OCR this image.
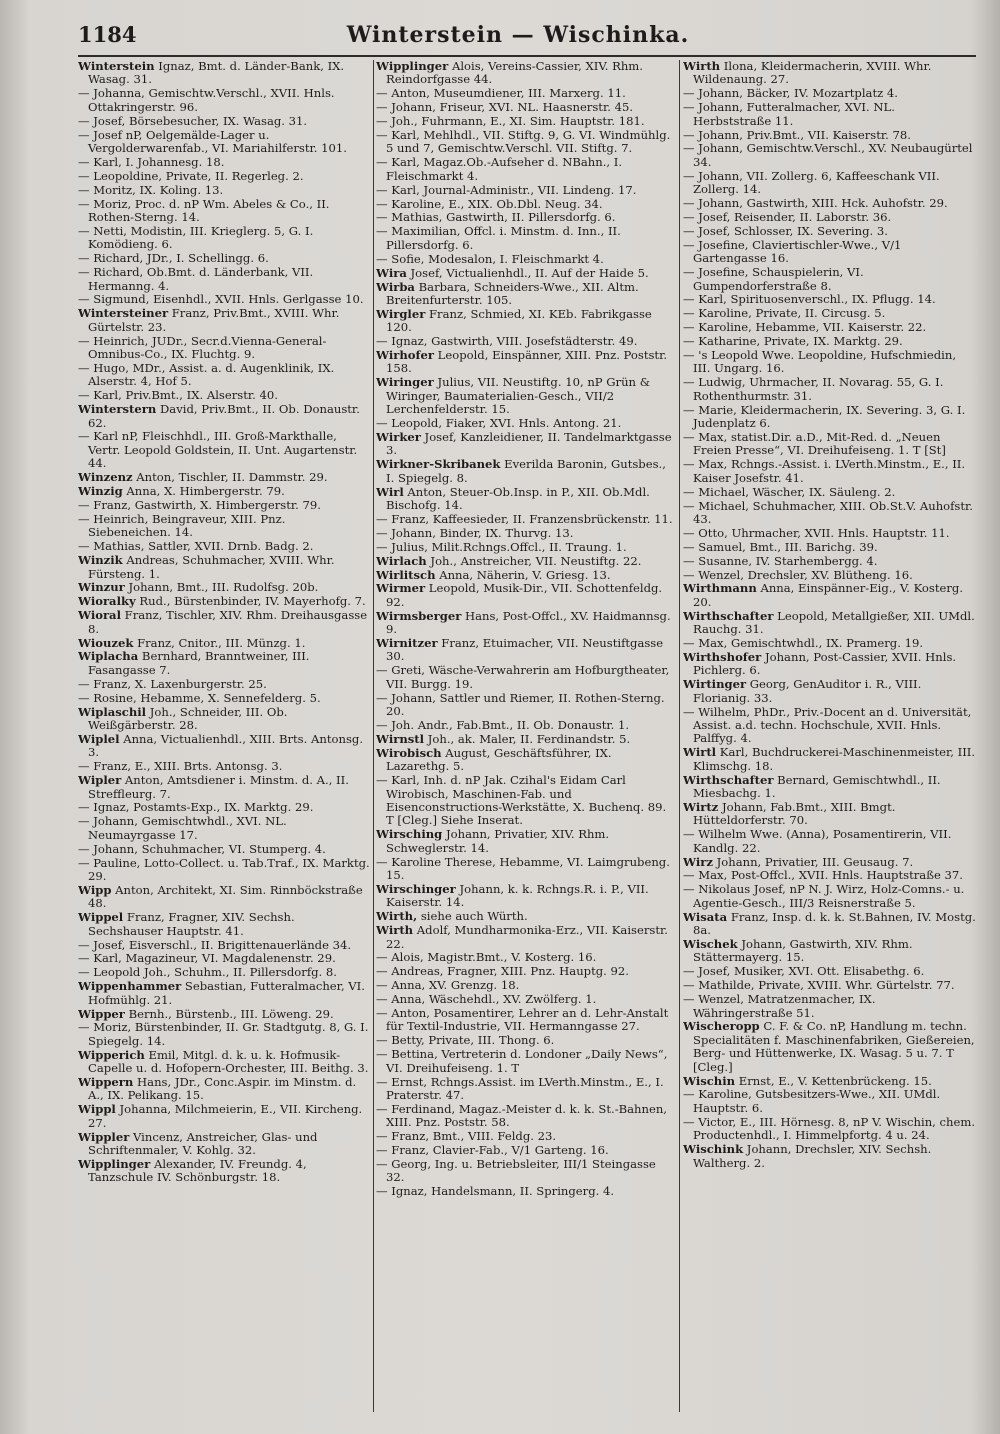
1184	Winterstein — Wischinka.
Winterstein Ignaz, Bmt. d. Länder-Bank, IX. Wasag. 31.
— Johanna, Gemischtw.Verschl., XVII. Hnls. Ottakringerstr. 96.
— Josef, Börsebesucher, IX. Wasag. 31.
— Josef nP, Oelgemälde-Lager u. Vergolderwarenfab., VI. Mariahilferstr. 101.
— Karl, I. Johannesg. 18.
— Leopoldine, Private, II. Regerleg. 2.
— Moritz, IX. Koling. 13.
— Moriz, Proc. d. nP Wm. Abeles & Co., II. Rothen-Sterng. 14.
— Netti, Modistin, III. Krieglerg. 5, G. I. Komödieng. 6.
— Richard, JDr., I. Schellingg. 6.
— Richard, Ob.Bmt. d. Länderbank, VII. Hermanng. 4.
— Sigmund, Eisenhdl., XVII. Hnls. Gerlgasse 10.
Wintersteiner Franz, Priv.Bmt., XVIII. Whr. Gürtelstr. 23.
— Heinrich, JUDr., Secr.d.Vienna-General-Omnibus-Co., IX. Fluchtg. 9.
— Hugo, MDr., Assist. a. d. Augenklinik, IX. Alserstr. 4, Hof 5.
— Karl, Priv.Bmt., IX. Alserstr. 40.
Winterstern David, Priv.Bmt., II. Ob. Donaustr. 62.
— Karl nP, Fleischhdl., III. Groß-Markthalle, Vertr. Leopold Goldstein, II. Unt. Augartenstr. 44.
Winzenz Anton, Tischler, II. Dammstr. 29.
Winzig Anna, X. Himbergerstr. 79.
— Franz, Gastwirth, X. Himbergerstr. 79.
— Heinrich, Beingraveur, XIII. Pnz. Siebeneichen. 14.
— Mathias, Sattler, XVII. Drnb. Badg. 2.
Winzik Andreas, Schuhmacher, XVIII. Whr. Fürsteng. 1.
Winzur Johann, Bmt., III. Rudolfsg. 20b.
Wioralky Rud., Bürstenbinder, IV. Mayerhofg. 7.
Wioral Franz, Tischler, XIV. Rhm. Dreihausgasse 8.
Wiouzek Franz, Cnitor., III. Münzg. 1.
Wiplacha Bernhard, Branntweiner, III. Fasangasse 7.
— Franz, X. Laxenburgerstr. 25.
— Rosine, Hebamme, X. Sennefelderg. 5.
Wiplaschil Joh., Schneider, III. Ob. Weißgärberstr. 28.
Wiplel Anna, Victualienhdl., XIII. Brts. Antonsg. 3.
— Franz, E., XIII. Brts. Antonsg. 3.
Wipler Anton, Amtsdiener i. Minstm. d. A., II. Streffleurg. 7.
— Ignaz, Postamts-Exp., IX. Marktg. 29.
— Johann, Gemischtwhdl., XVI. NL. Neumayrgasse 17.
— Johann, Schuhmacher, VI. Stumperg. 4.
— Pauline, Lotto-Collect. u. Tab.Traf., IX. Marktg. 29.
Wipp Anton, Architekt, XI. Sim. Rinnböckstraße 48.
Wippel Franz, Fragner, XIV. Sechsh. Sechshauser Hauptstr. 41.
— Josef, Eisverschl., II. Brigittenauerlände 34.
— Karl, Magazineur, VI. Magdalenenstr. 29.
— Leopold Joh., Schuhm., II. Pillersdorfg. 8.
Wippenhammer Sebastian, Futteralmacher, VI. Hofmühlg. 21.
Wipper Bernh., Bürstenb., III. Löweng. 29.
— Moriz, Bürstenbinder, II. Gr. Stadtgutg. 8, G. I. Spiegelg. 14.
Wipperich Emil, Mitgl. d. k. u. k. Hofmusik-Capelle u. d. Hofopern-Orchester, III. Beithg. 3.
Wippern Hans, JDr., Conc.Aspir. im Minstm. d. A., IX. Pelikang. 15.
Wippl Johanna, Milchmeierin, E., VII. Kircheng. 27.
Wippler Vincenz, Anstreicher, Glas- und Schriftenmaler, V. Kohlg. 32.
Wipplinger Alexander, IV. Freundg. 4, Tanzschule IV. Schönburgstr. 18.
Wipplinger Alois, Vereins-Cassier, XIV. Rhm. Reindorfgasse 44.
— Anton, Museumdiener, III. Marxerg. 11.
— Johann, Friseur, XVI. NL. Haasnerstr. 45.
— Joh., Fuhrmann, E., XI. Sim. Hauptstr. 181.
— Karl, Mehlhdl., VII. Stiftg. 9, G. VI. Windmühlg. 5 und 7, Gemischtw.Verschl. VII. Stiftg. 7.
— Karl, Magaz.Ob.-Aufseher d. NBahn., I. Fleischmarkt 4.
— Karl, Journal-Administr., VII. Lindeng. 17.
— Karoline, E., XIX. Ob.Dbl. Neug. 34.
— Mathias, Gastwirth, II. Pillersdorfg. 6.
— Maximilian, Offcl. i. Minstm. d. Inn., II. Pillersdorfg. 6.
— Sofie, Modesalon, I. Fleischmarkt 4.
Wira Josef, Victualienhdl., II. Auf der Haide 5.
Wirba Barbara, Schneiders-Wwe., XII. Altm. Breitenfurterstr. 105.
Wirgler Franz, Schmied, XI. KEb. Fabrikgasse 120.
— Ignaz, Gastwirth, VIII. Josefstädterstr. 49.
Wirhofer Leopold, Einspänner, XIII. Pnz. Poststr. 158.
Wiringer Julius, VII. Neustiftg. 10, nP Grün & Wiringer, Baumaterialien-Gesch., VII/2 Lerchenfelderstr. 15.
— Leopold, Fiaker, XVI. Hnls. Antong. 21.
Wirker Josef, Kanzleidiener, II. Tandelmarktgasse 3.
Wirkner-Skribanek Everilda Baronin, Gutsbes., I. Spiegelg. 8.
Wirl Anton, Steuer-Ob.Insp. in P., XII. Ob.Mdl. Bischofg. 14.
— Franz, Kaffeesieder, II. Franzensbrückenstr. 11.
— Johann, Binder, IX. Thurvg. 13.
— Julius, Milit.Rchngs.Offcl., II. Traung. 1.
Wirlach Joh., Anstreicher, VII. Neustiftg. 22.
Wirlitsch Anna, Näherin, V. Griesg. 13.
Wirmer Leopold, Musik-Dir., VII. Schottenfeldg. 92.
Wirmsberger Hans, Post-Offcl., XV. Haidmannsg. 9.
Wirnitzer Franz, Etuimacher, VII. Neustiftgasse 30.
— Greti, Wäsche-Verwahrerin am Hofburgtheater, VII. Burgg. 19.
— Johann, Sattler und Riemer, II. Rothen-Sterng. 20.
— Joh. Andr., Fab.Bmt., II. Ob. Donaustr. 1.
Wirnstl Joh., ak. Maler, II. Ferdinandstr. 5.
Wirobisch August, Geschäftsführer, IX. Lazarethg. 5.
— Karl, Inh. d. nP Jak. Czihal's Eidam Carl Wirobisch, Maschinen-Fab. und Eisenconstructions-Werkstätte, X. Buchenq. 89. T [Cleg.] Siehe Inserat.
Wirsching Johann, Privatier, XIV. Rhm. Schweglerstr. 14.
— Karoline Therese, Hebamme, VI. Laimgrubeng. 15.
Wirschinger Johann, k. k. Rchngs.R. i. P., VII. Kaiserstr. 14.
Wirth, siehe auch Würth.
Wirth Adolf, Mundharmonika-Erz., VII. Kaiserstr. 22.
— Alois, Magistr.Bmt., V. Kosterg. 16.
— Andreas, Fragner, XIII. Pnz. Hauptg. 92.
— Anna, XV. Grenzg. 18.
— Anna, Wäschehdl., XV. Zwölferg. 1.
— Anton, Posamentirer, Lehrer an d. Lehr-Anstalt für Textil-Industrie, VII. Hermanngasse 27.
— Betty, Private, III. Thong. 6.
— Bettina, Vertreterin d. Londoner „Daily News“, VI. Dreihufeiseng. 1. T
— Ernst, Rchngs.Assist. im LVerth.Minstm., E., I. Praterstr. 47.
— Ferdinand, Magaz.-Meister d. k. k. St.-Bahnen, XIII. Pnz. Poststr. 58.
— Franz, Bmt., VIII. Feldg. 23.
— Franz, Clavier-Fab., V/1 Garteng. 16.
— Georg, Ing. u. Betriebsleiter, III/1 Steingasse 32.
— Ignaz, Handelsmann, II. Springerg. 4.
Wirth Ilona, Kleidermacherin, XVIII. Whr. Wildenaung. 27.
— Johann, Bäcker, IV. Mozartplatz 4.
— Johann, Futteralmacher, XVI. NL. Herbststraße 11.
— Johann, Priv.Bmt., VII. Kaiserstr. 78.
— Johann, Gemischtw.Verschl., XV. Neubaugürtel 34.
— Johann, VII. Zollerg. 6, Kaffeeschank VII. Zollerg. 14.
— Johann, Gastwirth, XIII. Hck. Auhofstr. 29.
— Josef, Reisender, II. Laborstr. 36.
— Josef, Schlosser, IX. Severing. 3.
— Josefine, Claviertischler-Wwe., V/1 Gartengasse 16.
— Josefine, Schauspielerin, VI. Gumpendorferstraße 8.
— Karl, Spirituosenverschl., IX. Pflugg. 14.
— Karoline, Private, II. Circusg. 5.
— Karoline, Hebamme, VII. Kaiserstr. 22.
— Katharine, Private, IX. Marktg. 29.
— 's Leopold Wwe. Leopoldine, Hufschmiedin, III. Ungarg. 16.
— Ludwig, Uhrmacher, II. Novarag. 55, G. I. Rothenthurmstr. 31.
— Marie, Kleidermacherin, IX. Severing. 3, G. I. Judenplatz 6.
— Max, statist.Dir. a.D., Mit-Red. d. „Neuen Freien Presse“, VI. Dreihufeiseng. 1. T [St]
— Max, Rchngs.-Assist. i. LVerth.Minstm., E., II. Kaiser Josefstr. 41.
— Michael, Wäscher, IX. Säuleng. 2.
— Michael, Schuhmacher, XIII. Ob.St.V. Auhofstr. 43.
— Otto, Uhrmacher, XVII. Hnls. Hauptstr. 11.
— Samuel, Bmt., III. Barichg. 39.
— Susanne, IV. Starhembergg. 4.
— Wenzel, Drechsler, XV. Blütheng. 16.
Wirthmann Anna, Einspänner-Eig., V. Kosterg. 20.
Wirthschafter Leopold, Metallgießer, XII. UMdl. Rauchg. 31.
— Max, Gemischtwhdl., IX. Pramerg. 19.
Wirthshofer Johann, Post-Cassier, XVII. Hnls. Pichlerg. 6.
Wirtinger Georg, GenAuditor i. R., VIII. Florianig. 33.
— Wilhelm, PhDr., Priv.-Docent an d. Universität, Assist. a.d. techn. Hochschule, XVII. Hnls. Palffyg. 4.
Wirtl Karl, Buchdruckerei-Maschinenmeister, III. Klimschg. 18.
Wirthschafter Bernard, Gemischtwhdl., II. Miesbachg. 1.
Wirtz Johann, Fab.Bmt., XIII. Bmgt. Hütteldorferstr. 70.
— Wilhelm Wwe. (Anna), Posamentirerin, VII. Kandlg. 22.
Wirz Johann, Privatier, III. Geusaug. 7.
— Max, Post-Offcl., XVII. Hnls. Hauptstraße 37.
— Nikolaus Josef, nP N. J. Wirz, Holz-Comns.- u. Agentie-Gesch., III/3 Reisnerstraße 5.
Wisata Franz, Insp. d. k. k. St.Bahnen, IV. Mostg. 8a.
Wischek Johann, Gastwirth, XIV. Rhm. Stättermayerg. 15.
— Josef, Musiker, XVI. Ott. Elisabethg. 6.
— Mathilde, Private, XVIII. Whr. Gürtelstr. 77.
— Wenzel, Matratzenmacher, IX. Währingerstraße 51.
Wischeropp C. F. & Co. nP, Handlung m. techn. Specialitäten f. Maschinenfabriken, Gießereien, Berg- und Hüttenwerke, IX. Wasag. 5 u. 7. T [Cleg.]
Wischin Ernst, E., V. Kettenbrückeng. 15.
— Karoline, Gutsbesitzers-Wwe., XII. UMdl. Hauptstr. 6.
— Victor, E., III. Hörnesg. 8, nP V. Wischin, chem. Productenhdl., I. Himmelpfortg. 4 u. 24.
Wischink Johann, Drechsler, XIV. Sechsh. Waltherg. 2.
